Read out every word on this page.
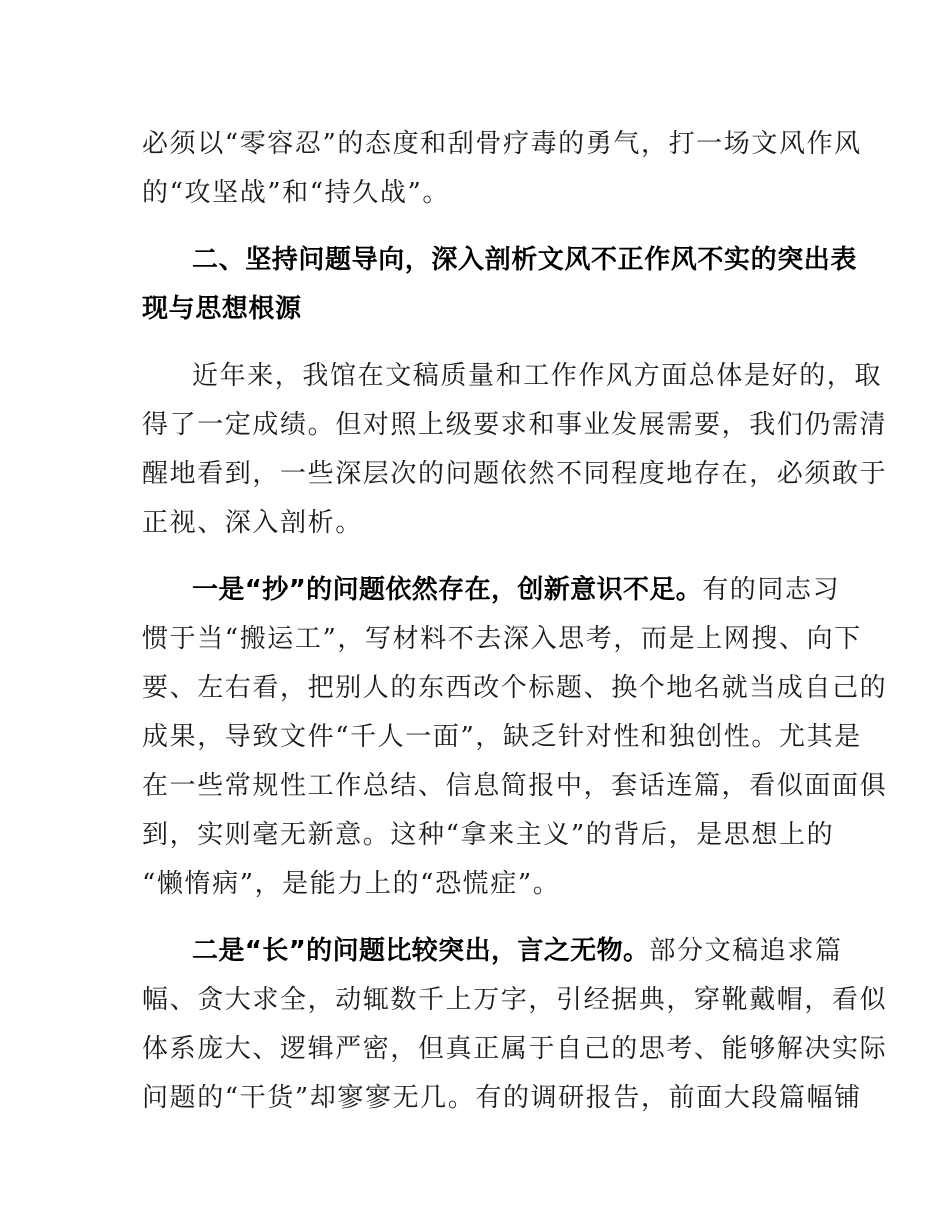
必须以“零容忍”的态度和刮骨疗毒的勇气，打一场文风作风
的“攻坚战”和“持久战”。
二、坚持问题导向，深入剖析文风不正作风不实的突出表
现与思想根源
近年来，我馆在文稿质量和工作作风方面总体是好的，取
得了一定成绩。但对照上级要求和事业发展需要，我们仍需清
醒地看到，一些深层次的问题依然不同程度地存在，必须敢于
正视、深入剖析。
一是“抄”的问题依然存在，创新意识不足。有的同志习
惯于当“搬运工”，写材料不去深入思考，而是上网搜、向下
要、左右看，把别人的东西改个标题、换个地名就当成自己的
成果，导致文件“千人一面”，缺乏针对性和独创性。尤其是
在一些常规性工作总结、信息简报中，套话连篇，看似面面俱
到，实则毫无新意。这种“拿来主义”的背后，是思想上的
“懒惰病”，是能力上的“恐慌症”。
二是“长”的问题比较突出，言之无物。部分文稿追求篇
幅、贪大求全，动辄数千上万字，引经据典，穿靴戴帽，看似
体系庞大、逻辑严密，但真正属于自己的思考、能够解决实际
问题的“干货”却寥寥无几。有的调研报告，前面大段篇幅铺
